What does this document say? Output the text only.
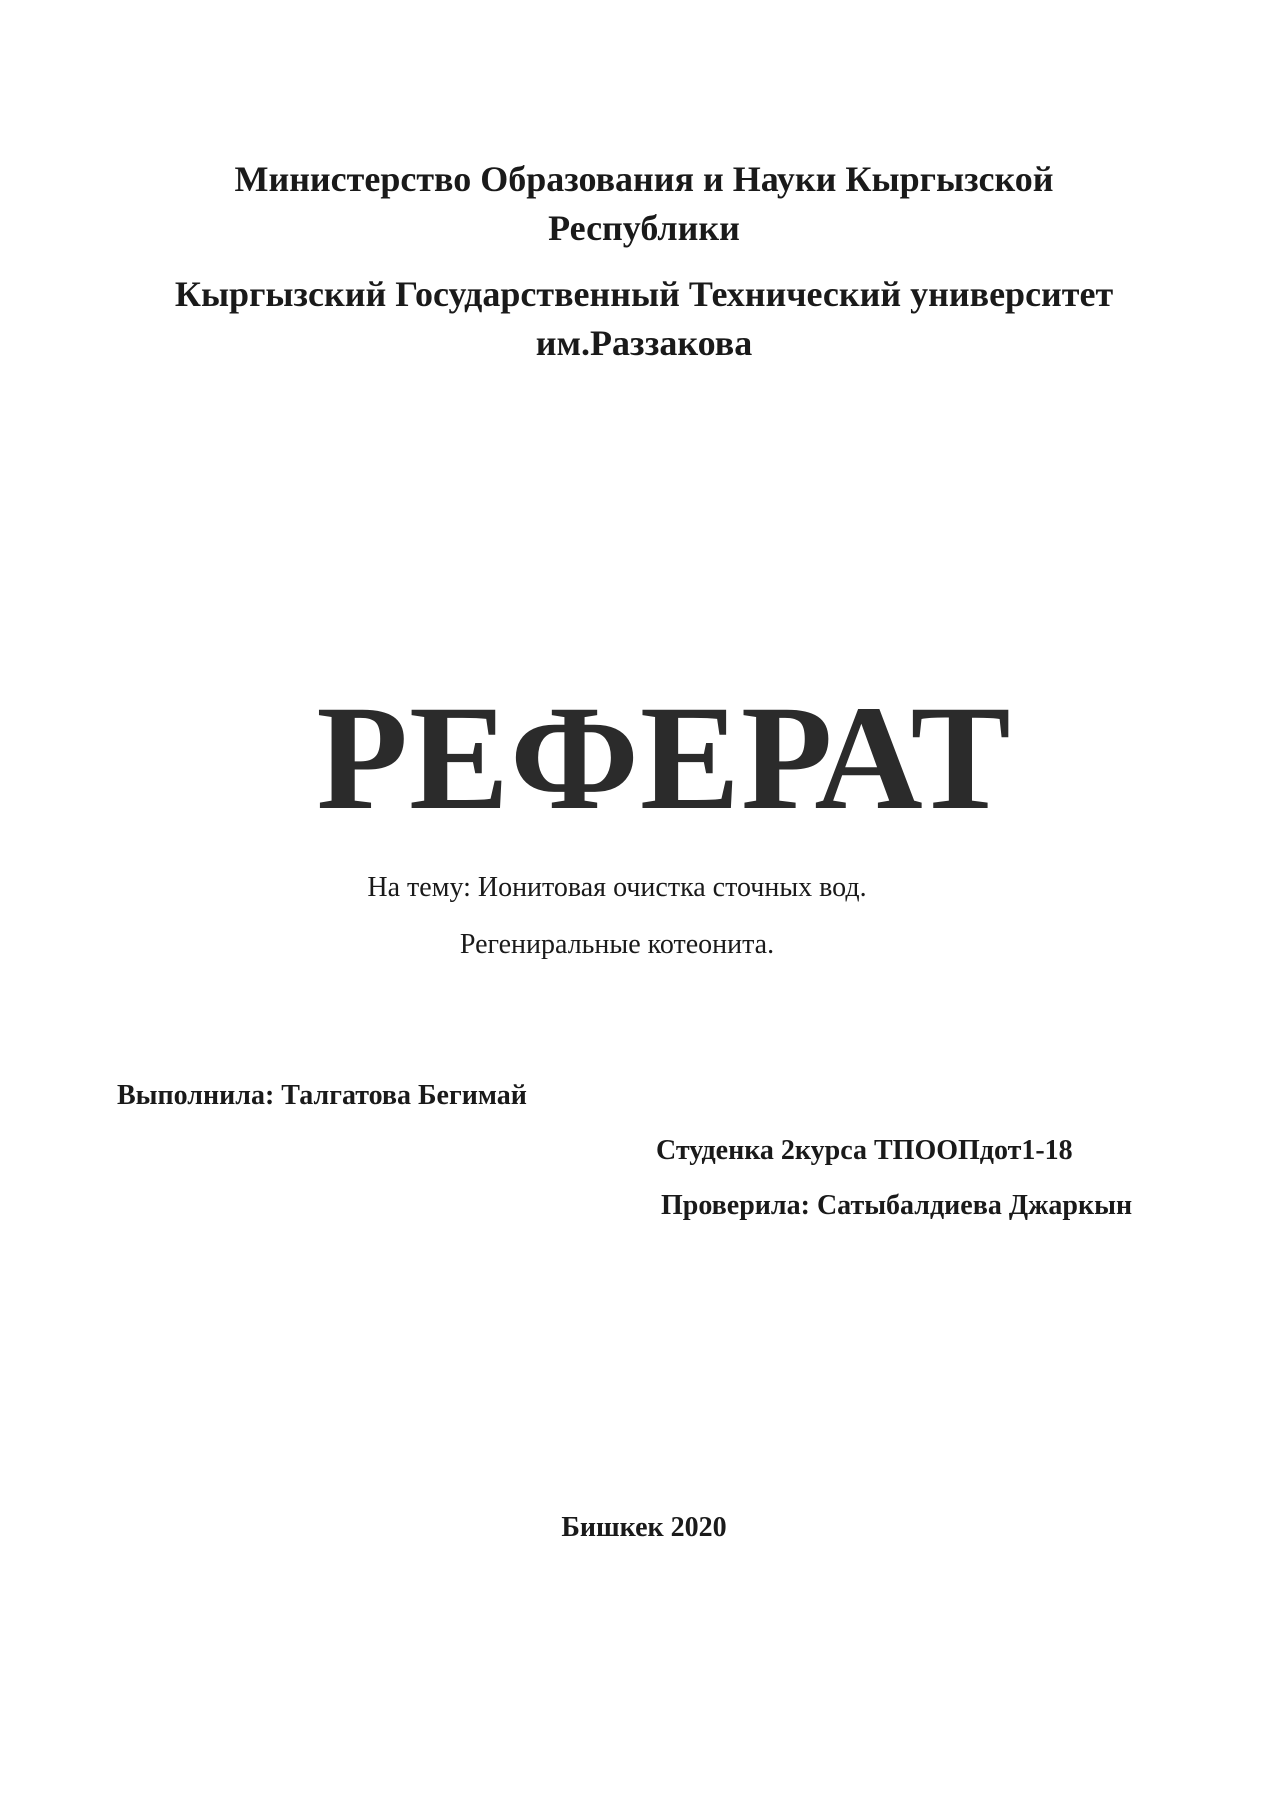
Министерство Образования и Науки Кыргызской
Республики
Кыргызский Государственный Технический университет
им.Раззакова
РЕФЕРАТ
На тему: Ионитовая очистка сточных вод.
Регениральные котеонита.
Выполнила: Талгатова Бегимай
Студенка 2курса ТПООПдот1-18
Проверила: Сатыбалдиева Джаркын
Бишкек 2020
